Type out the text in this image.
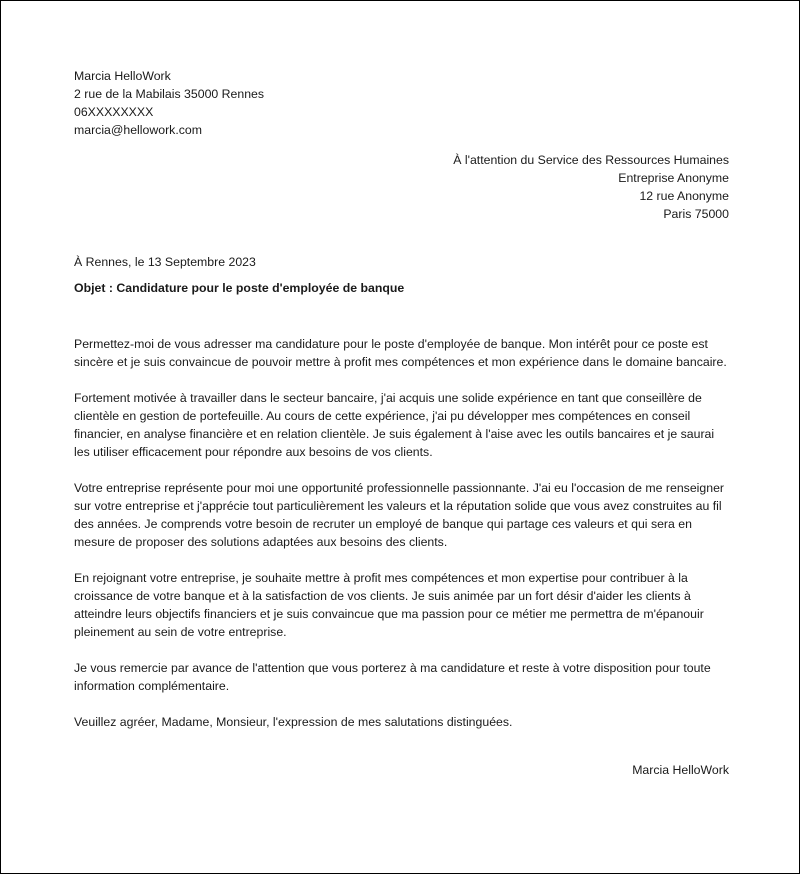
Marcia HelloWork
2 rue de la Mabilais 35000 Rennes
06XXXXXXXX
marcia@hellowork.com
À l'attention du Service des Ressources Humaines
Entreprise Anonyme
12 rue Anonyme
Paris 75000
À Rennes, le 13 Septembre 2023
Objet : Candidature pour le poste d'employée de banque

Permettez-moi de vous adresser ma candidature pour le poste d'employée de banque. Mon intérêt pour ce poste est sincère et je suis convaincue de pouvoir mettre à profit mes compétences et mon expérience dans le domaine bancaire.

Fortement motivée à travailler dans le secteur bancaire, j'ai acquis une solide expérience en tant que conseillère de clientèle en gestion de portefeuille. Au cours de cette expérience, j'ai pu développer mes compétences en conseil financier, en analyse financière et en relation clientèle. Je suis également à l'aise avec les outils bancaires et je saurai les utiliser efficacement pour répondre aux besoins de vos clients.

Votre entreprise représente pour moi une opportunité professionnelle passionnante. J'ai eu l'occasion de me renseigner sur votre entreprise et j'apprécie tout particulièrement les valeurs et la réputation solide que vous avez construites au fil des années. Je comprends votre besoin de recruter un employé de banque qui partage ces valeurs et qui sera en mesure de proposer des solutions adaptées aux besoins des clients.

En rejoignant votre entreprise, je souhaite mettre à profit mes compétences et mon expertise pour contribuer à la croissance de votre banque et à la satisfaction de vos clients. Je suis animée par un fort désir d'aider les clients à atteindre leurs objectifs financiers et je suis convaincue que ma passion pour ce métier me permettra de m'épanouir pleinement au sein de votre entreprise.

Je vous remercie par avance de l'attention que vous porterez à ma candidature et reste à votre disposition pour toute information complémentaire.

Veuillez agréer, Madame, Monsieur, l'expression de mes salutations distinguées.

Marcia HelloWork
